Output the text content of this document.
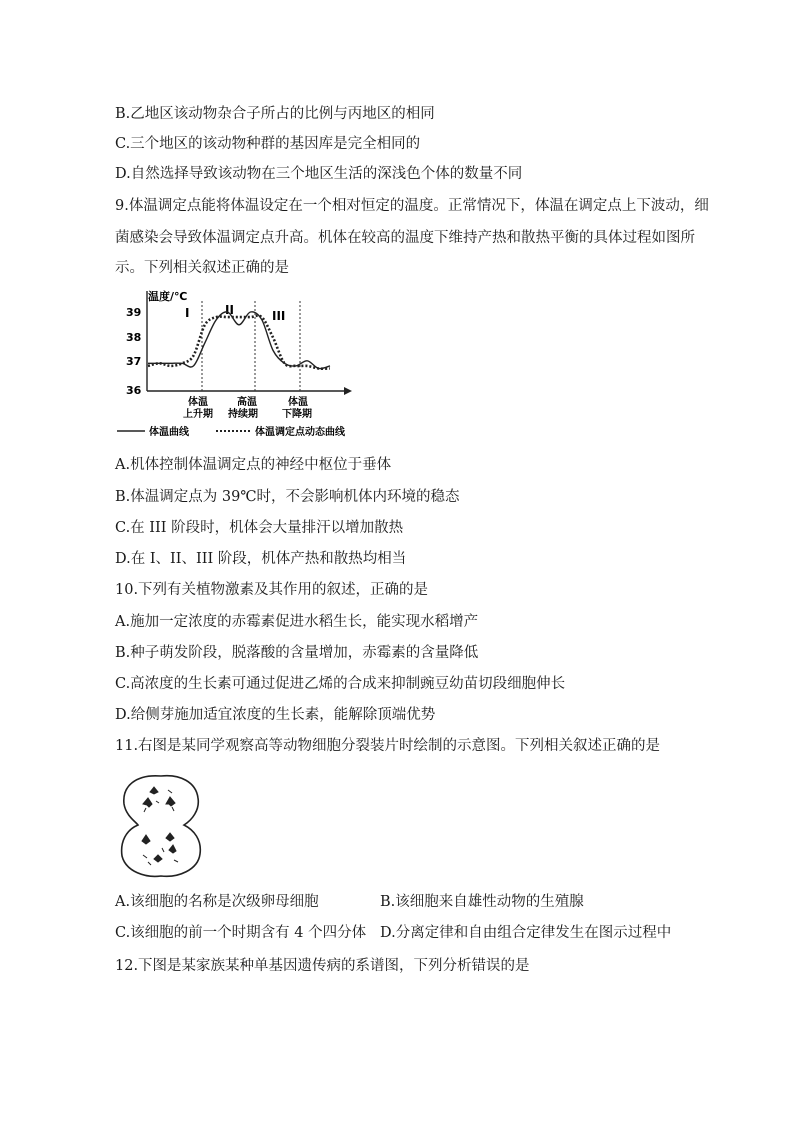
B.乙地区该动物杂合子所占的比例与丙地区的相同
C.三个地区的该动物种群的基因库是完全相同的
D.自然选择导致该动物在三个地区生活的深浅色个体的数量不同
9.体温调定点能将体温设定在一个相对恒定的温度。正常情况下，体温在调定点上下波动，细
菌感染会导致体温调定点升高。机体在较高的温度下维持产热和散热平衡的具体过程如图所
示。下列相关叙述正确的是
温度/℃
39
38
37
36
I	II	III
体温
上升期
高温
持续期
体温
下降期
体温曲线	体温调定点动态曲线
A.机体控制体温调定点的神经中枢位于垂体
B.体温调定点为 39℃时，不会影响机体内环境的稳态
C.在 III 阶段时，机体会大量排汗以增加散热
D.在 I、II、III 阶段，机体产热和散热均相当
10.下列有关植物激素及其作用的叙述，正确的是
A.施加一定浓度的赤霉素促进水稻生长，能实现水稻增产
B.种子萌发阶段，脱落酸的含量增加，赤霉素的含量降低
C.高浓度的生长素可通过促进乙烯的合成来抑制豌豆幼苗切段细胞伸长
D.给侧芽施加适宜浓度的生长素，能解除顶端优势
11.右图是某同学观察高等动物细胞分裂装片时绘制的示意图。下列相关叙述正确的是
A.该细胞的名称是次级卵母细胞	B.该细胞来自雄性动物的生殖腺
C.该细胞的前一个时期含有 4 个四分体 D.分离定律和自由组合定律发生在图示过程中
12.下图是某家族某种单基因遗传病的系谱图，下列分析错误的是
